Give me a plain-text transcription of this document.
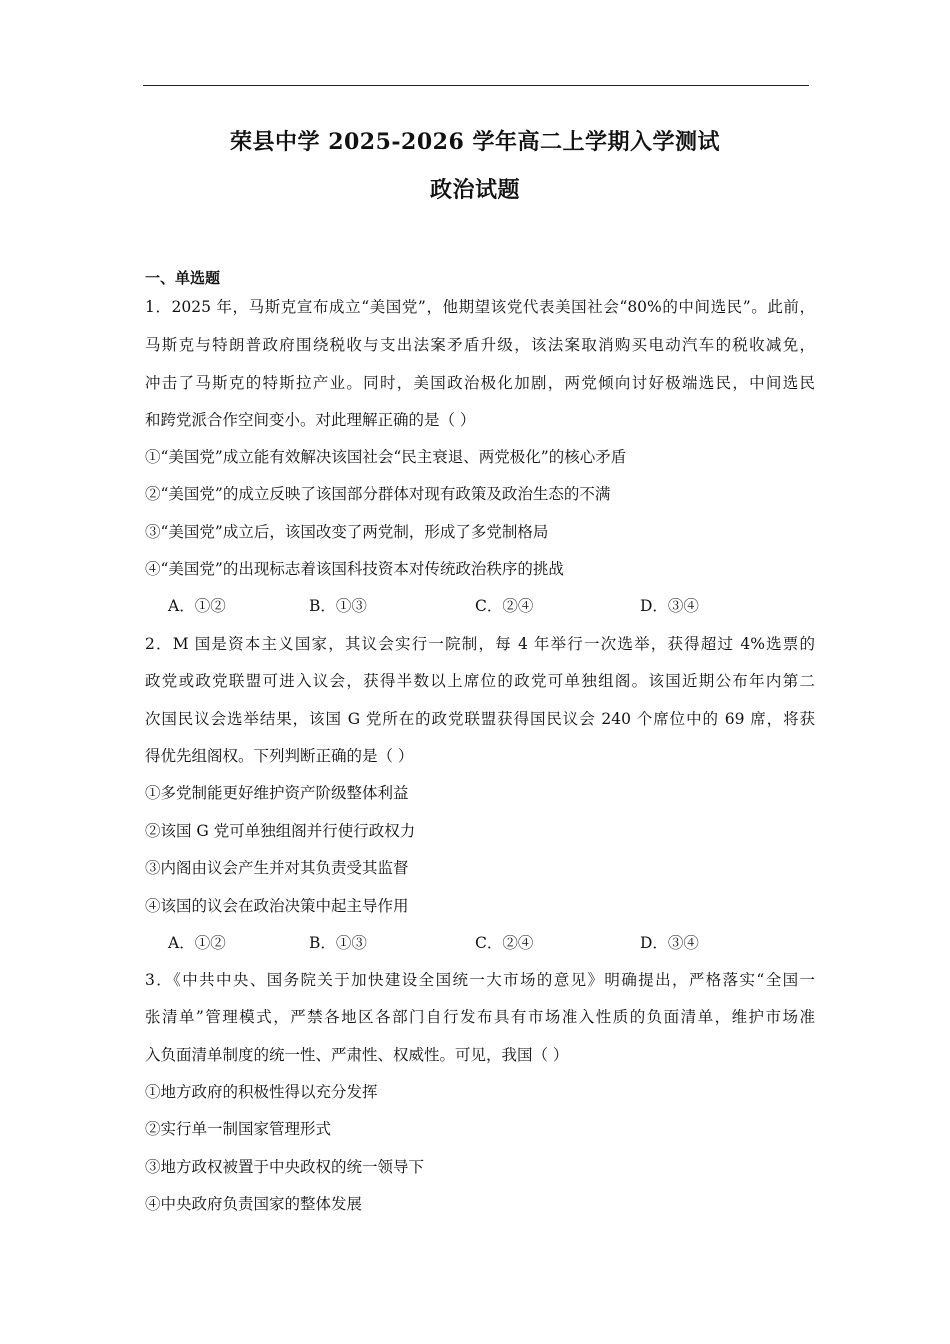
荣县中学 2025-2026 学年高二上学期入学测试
政治试题
一、单选题
1．2025 年，马斯克宣布成立“美国党”，他期望该党代表美国社会“80%的中间选民”。此前，
马斯克与特朗普政府围绕税收与支出法案矛盾升级，该法案取消购买电动汽车的税收减免，
冲击了马斯克的特斯拉产业。同时，美国政治极化加剧，两党倾向讨好极端选民，中间选民
和跨党派合作空间变小。对此理解正确的是（ ）
①“美国党”成立能有效解决该国社会“民主衰退、两党极化”的核心矛盾
②“美国党”的成立反映了该国部分群体对现有政策及政治生态的不满
③“美国党”成立后，该国改变了两党制，形成了多党制格局
④“美国党”的出现标志着该国科技资本对传统政治秩序的挑战
A．①②	B．①③	C．②④	D．③④
2．M 国是资本主义国家，其议会实行一院制，每 4 年举行一次选举，获得超过 4%选票的
政党或政党联盟可进入议会，获得半数以上席位的政党可单独组阁。该国近期公布年内第二
次国民议会选举结果，该国 G 党所在的政党联盟获得国民议会 240 个席位中的 69 席，将获
得优先组阁权。下列判断正确的是（ ）
①多党制能更好维护资产阶级整体利益
②该国 G 党可单独组阁并行使行政权力
③内阁由议会产生并对其负责受其监督
④该国的议会在政治决策中起主导作用
A．①②	B．①③	C．②④	D．③④
3．《中共中央、国务院关于加快建设全国统一大市场的意见》明确提出，严格落实“全国一
张清单”管理模式，严禁各地区各部门自行发布具有市场准入性质的负面清单，维护市场准
入负面清单制度的统一性、严肃性、权威性。可见，我国（ ）
①地方政府的积极性得以充分发挥
②实行单一制国家管理形式
③地方政权被置于中央政权的统一领导下
④中央政府负责国家的整体发展
